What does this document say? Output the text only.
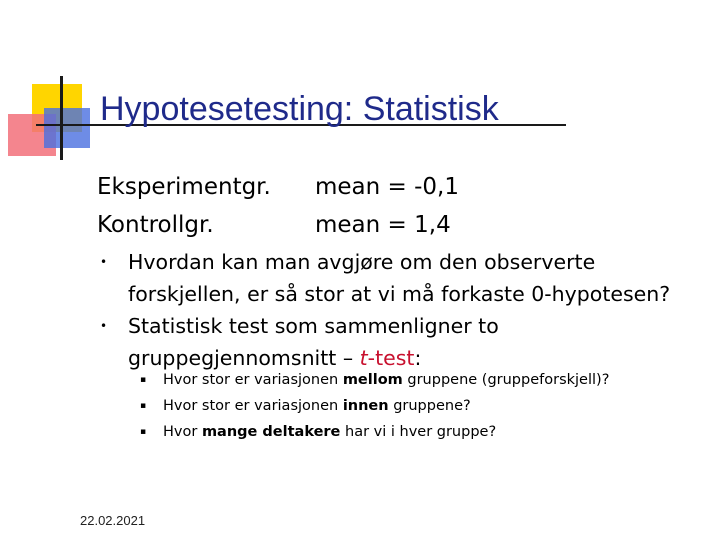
Hypotesetesting: Statistisk
Eksperimentgr. mean = -0,1
Kontrollgr.	mean = 1,4
• Hvordan kan man avgjøre om den observerte forskjellen, er så stor at vi må forkaste 0-hypotesen?
• Statistisk test som sammenligner to gruppegjennomsnitt – t-test:
▪ Hvor stor er variasjonen mellom gruppene (gruppeforskjell)?
▪ Hvor stor er variasjonen innen gruppene?
▪ Hvor mange deltakere har vi i hver gruppe?
22.02.2021
